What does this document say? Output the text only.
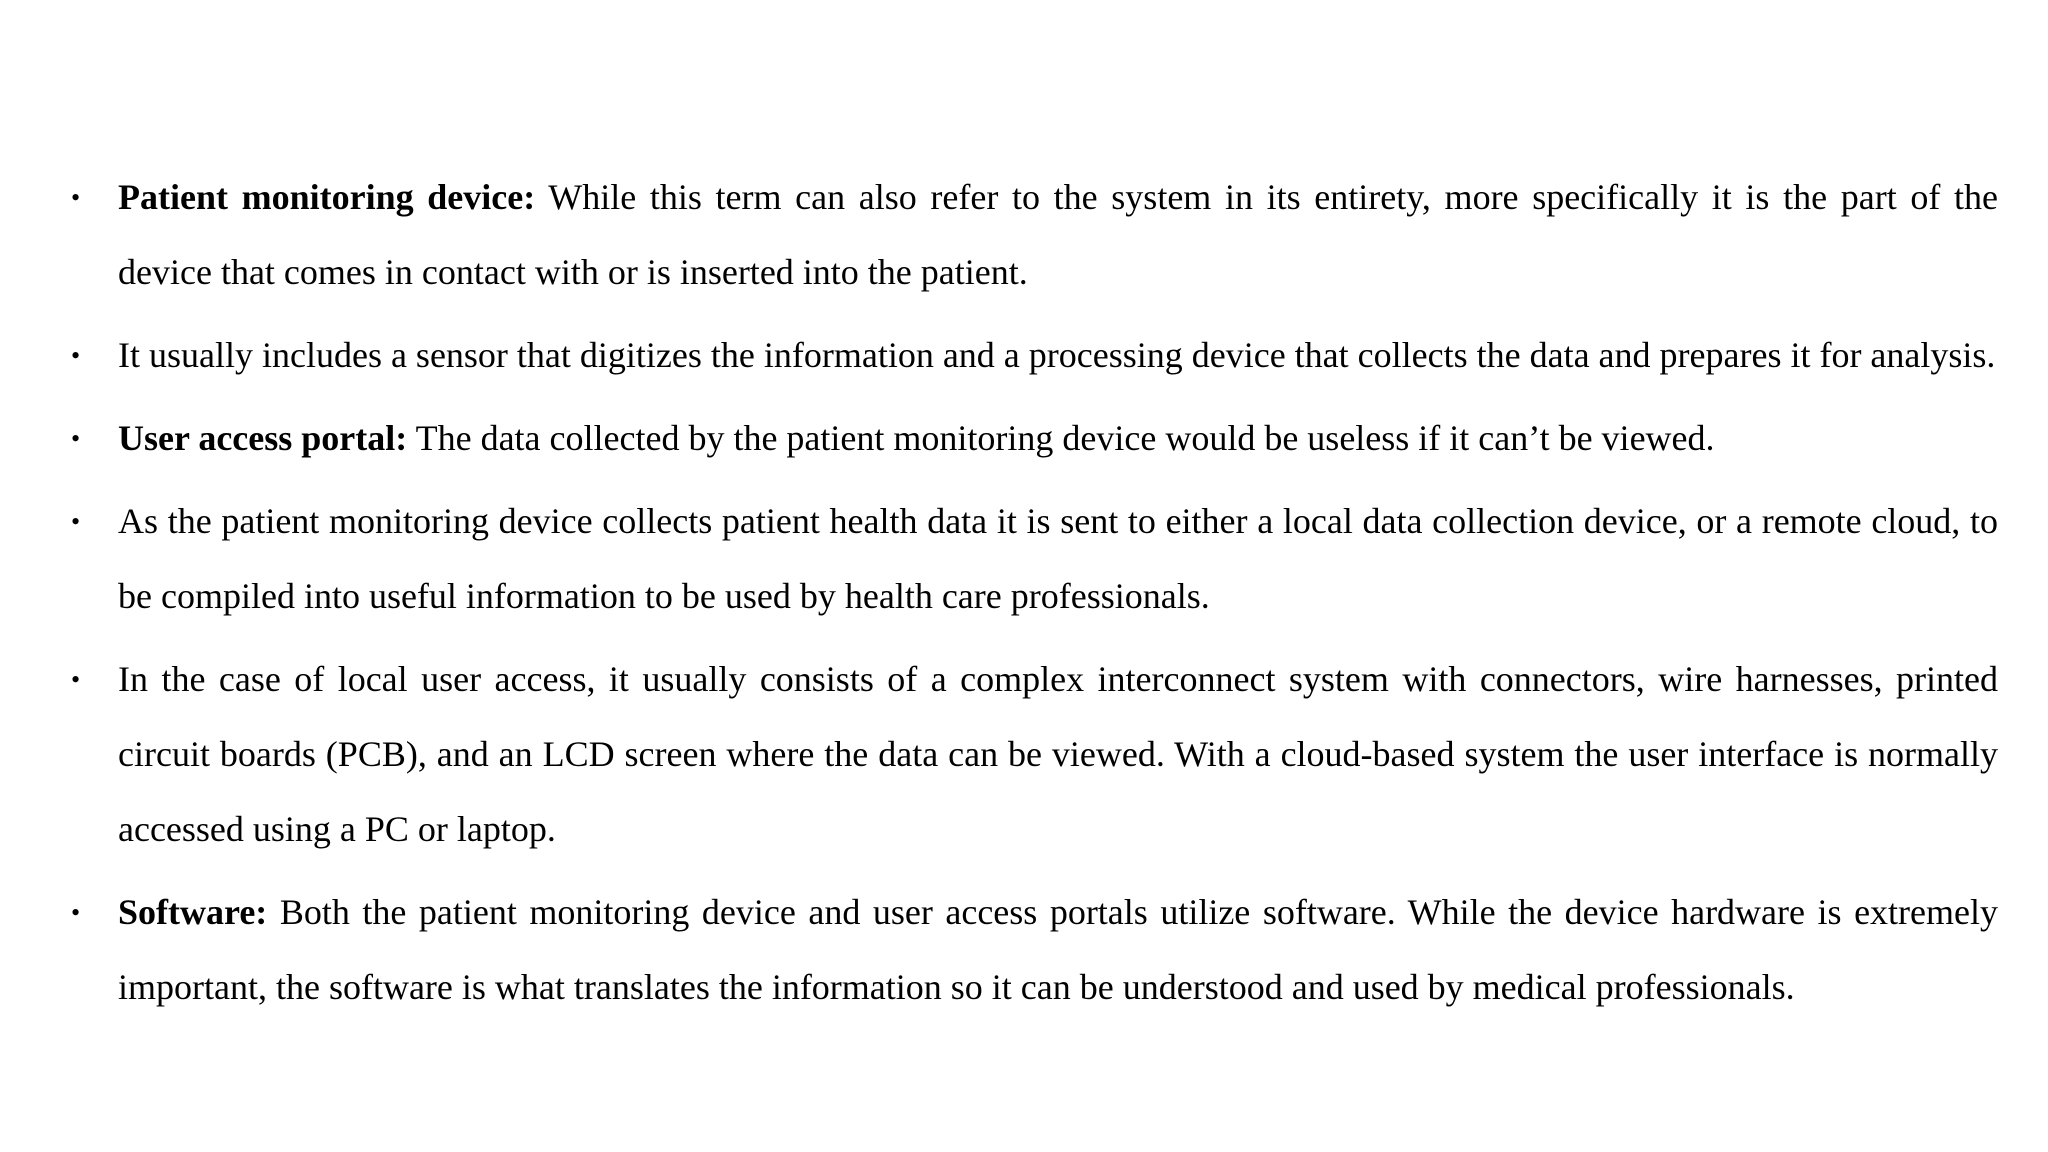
• Patient monitoring device: While this term can also refer to the system in its entirety, more specifically it is the part of the device that comes in contact with or is inserted into the patient.
• It usually includes a sensor that digitizes the information and a processing device that collects the data and prepares it for analysis.
• User access portal: The data collected by the patient monitoring device would be useless if it can’t be viewed.
• As the patient monitoring device collects patient health data it is sent to either a local data collection device, or a remote cloud, to be compiled into useful information to be used by health care professionals.
• In the case of local user access, it usually consists of a complex interconnect system with connectors, wire harnesses, printed circuit boards (PCB), and an LCD screen where the data can be viewed. With a cloud-based system the user interface is normally accessed using a PC or laptop.
• Software: Both the patient monitoring device and user access portals utilize software. While the device hardware is extremely important, the software is what translates the information so it can be understood and used by medical professionals.
